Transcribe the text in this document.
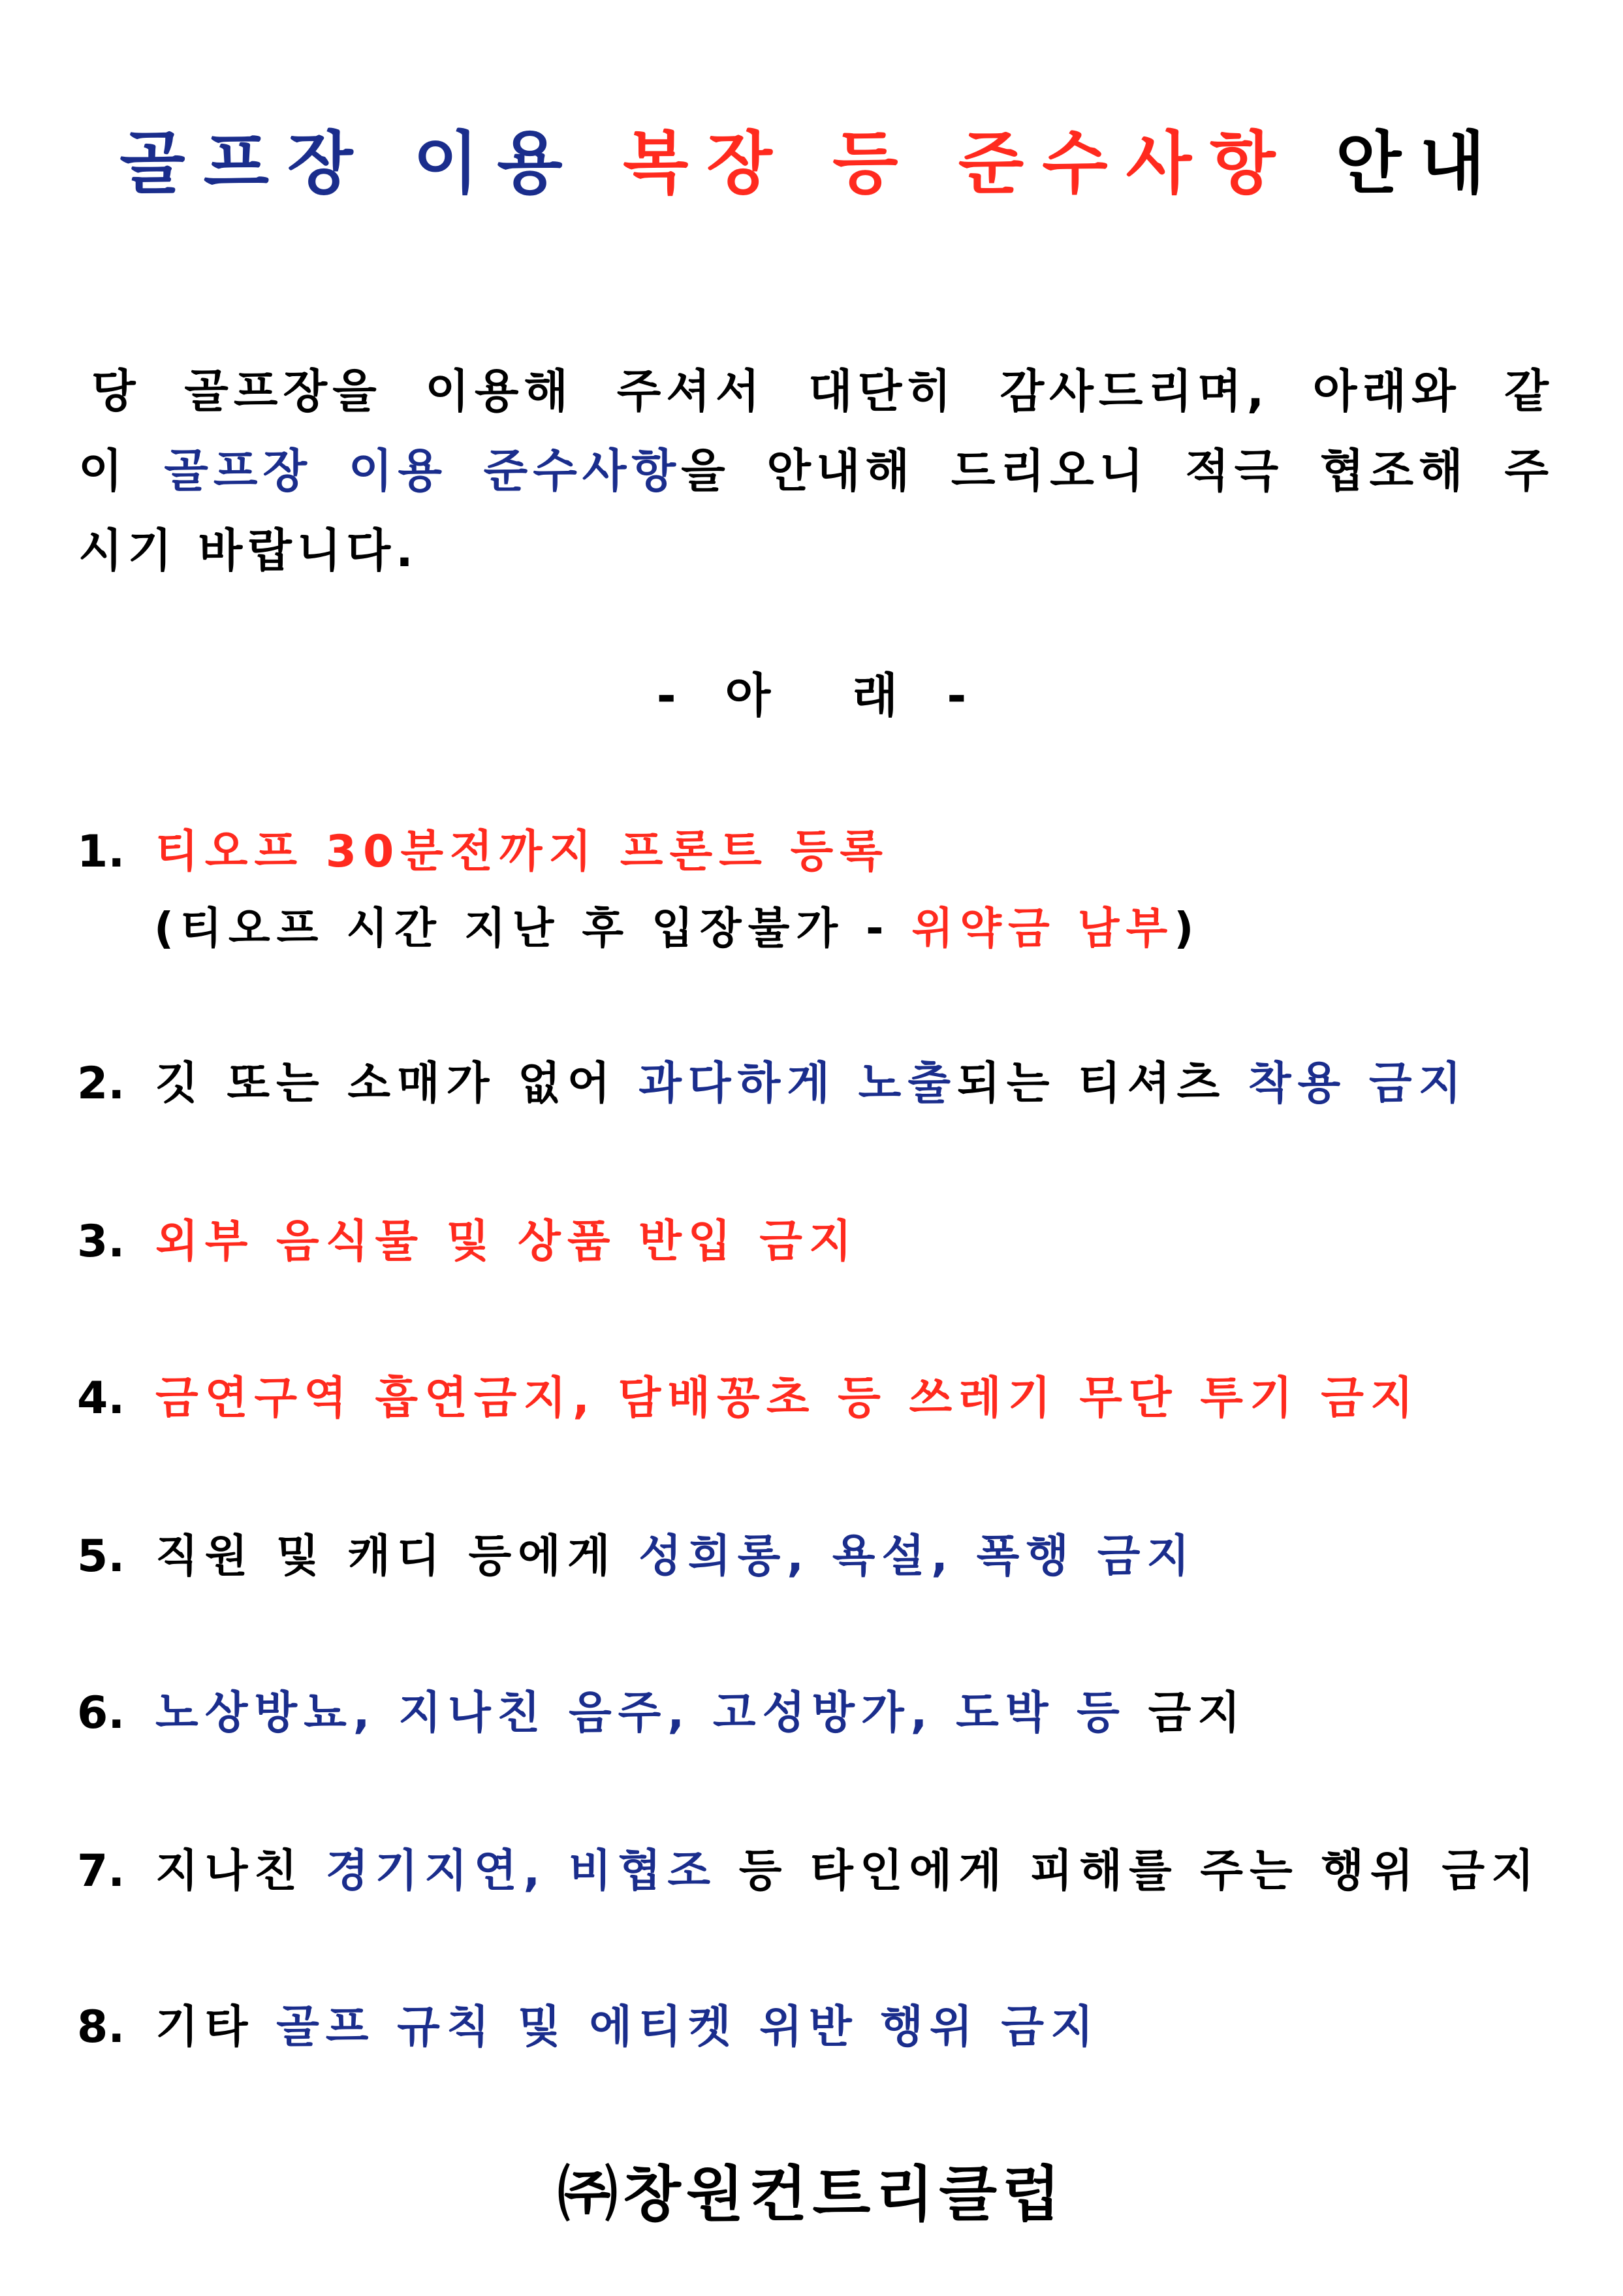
골프장 이용 복장 등 준수사항 안내
당 골프장을 이용해 주셔서 대단히 감사드리며, 아래와 같
이 골프장 이용 준수사항을 안내해 드리오니 적극 협조해 주
시기 바랍니다.
-   아     래   -
1. 티오프 30분전까지 프론트 등록
(티오프 시간 지난 후 입장불가 - 위약금 남부)
2. 깃 또는 소매가 없어 과다하게 노출되는 티셔츠 착용 금지
3. 외부 음식물 및 상품 반입 금지
4. 금연구역 흡연금지, 담배꽁초 등 쓰레기 무단 투기 금지
5. 직원 및 캐디 등에게 성희롱, 욕설, 폭행 금지
6. 노상방뇨, 지나친 음주, 고성방가, 도박 등 금지
7. 지나친 경기지연, 비협조 등 타인에게 피해를 주는 행위 금지
8. 기타 골프 규칙 및 에티켓 위반 행위 금지
㈜창원컨트리클럽
